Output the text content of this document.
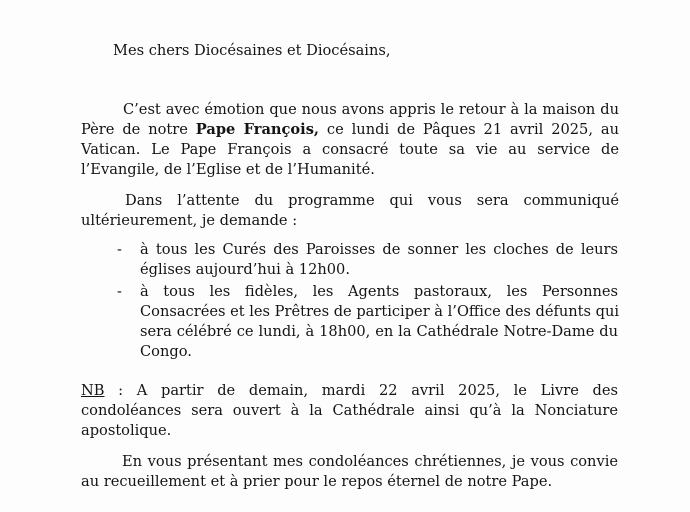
Mes chers Diocésaines et Diocésains,

C’est avec émotion que nous avons appris le retour à la maison du

Père de notre Pape François, ce lundi de Pâques 21 avril 2025, au

Vatican. Le Pape François a consacré toute sa vie au service de

l’Evangile, de l’Eglise et de l’Humanité.

Dans l’attente du programme qui vous sera communiqué

ultérieurement, je demande :

- à tous les Curés des Paroisses de sonner les cloches de leurs

églises aujourd’hui à 12h00.

- à tous les fidèles, les Agents pastoraux, les Personnes

Consacrées et les Prêtres de participer à l’Office des défunts qui

sera célébré ce lundi, à 18h00, en la Cathédrale Notre-Dame du

Congo.

NB : A partir de demain, mardi 22 avril 2025, le Livre des

condoléances sera ouvert à la Cathédrale ainsi qu’à la Nonciature

apostolique.

En vous présentant mes condoléances chrétiennes, je vous convie

au recueillement et à prier pour le repos éternel de notre Pape.
